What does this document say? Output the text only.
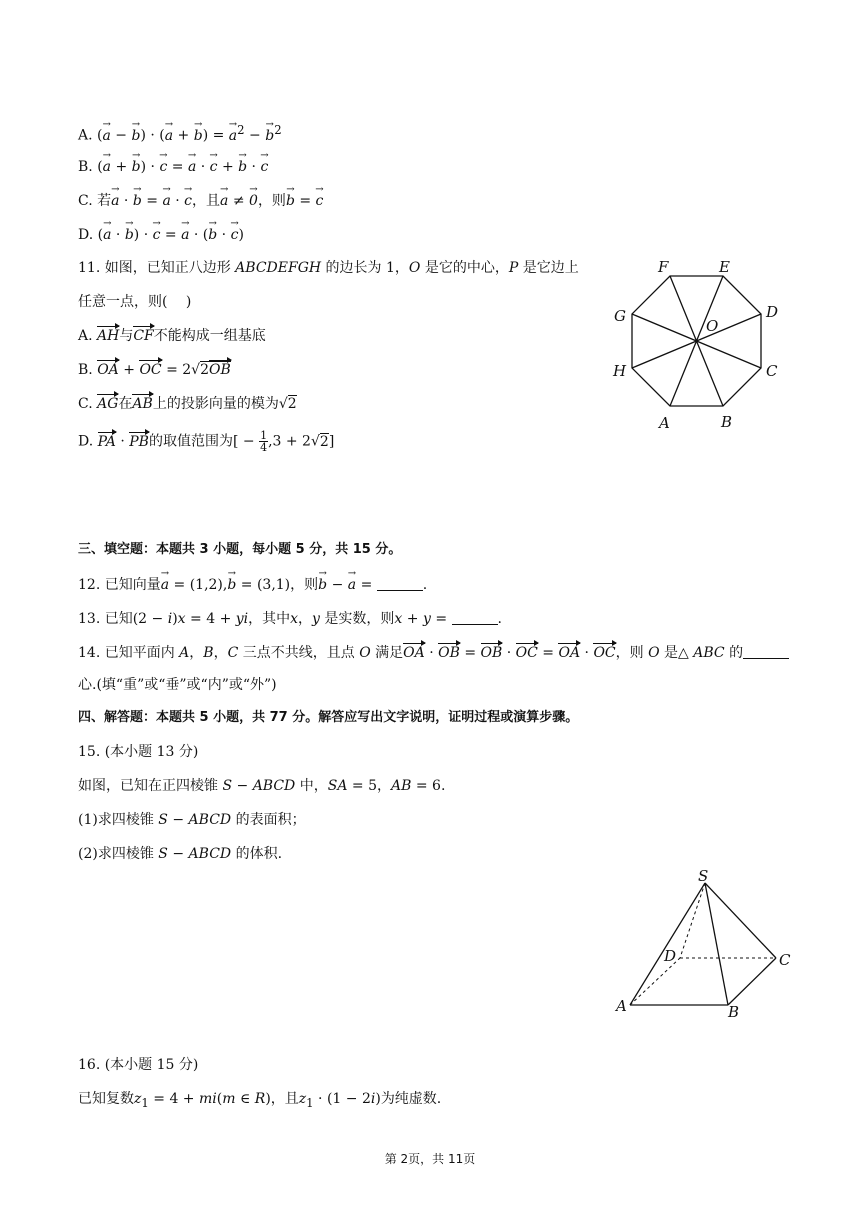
A. (→ a − → b) · (→ a + → b) = → $a^2$ − → $b^2$
B. (→ a + → b) · → c = → a · → c + → b · → c
C. 若→ a · → b = → a · → c，且→ a ≠ → 0，则→ b = → c
D. (→ a · → b) · → c = → a · (→ b · → c)
11. 如图，已知正八边形 ABCDEFGH 的边长为 1，O 是它的中心，P 是它边上
任意一点，则(　 )
A. AH与CF不能构成一组基底
B. OA + OC = 2√2OB
C. AG在AB上的投影向量的模为√2
D. PA · PB的取值范围为[ − $\frac{1}{4} ,3 + 2√2$]
F	E
G	D
O
H	C
A	B
三、填空题：本题共 3 小题，每小题 5 分，共 15 分。
12. 已知向量→ a = (1,2),→ b = (3,1)，则→ b − → a =	.
13. 已知(2 − i)x = 4 + yi，其中x，y 是实数，则x + y =	.
14. 已知平面内 A，B，C 三点不共线，且点 O 满足OA · OB = OB · OC = OA · OC，则 O 是△ ABC 的
心.(填“重”或“垂”或“内”或“外”)
四、解答题：本题共 5 小题，共 77 分。解答应写出文字说明，证明过程或演算步骤。
15. (本小题 13 分)
如图，已知在正四棱锥 S − ABCD 中，SA = 5，AB = 6.
(1)求四棱锥 S − ABCD 的表面积；
(2)求四棱锥 S − ABCD 的体积.
S
D	C
A	B
16. (本小题 15 分)
已知复数$z_1 = 4 + mi(m$ ∈ R)，且$z_1 \cdot (1 - 2i)$为纯虚数.
第 2页，共 11页
